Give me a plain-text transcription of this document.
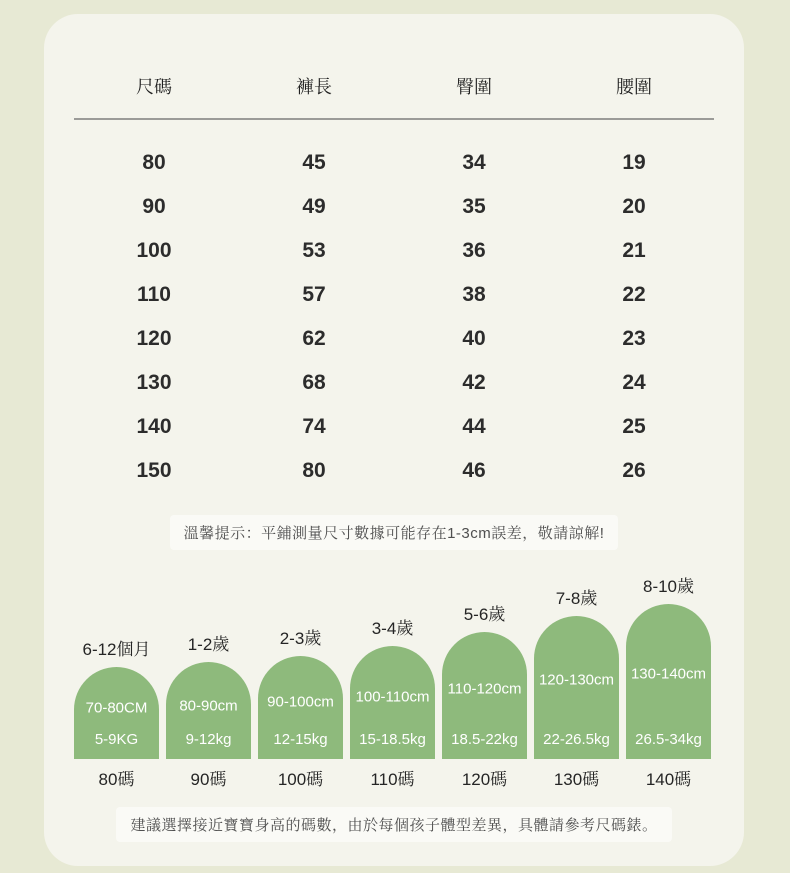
尺碼	褲長	臀圍	腰圍
80	45	34	19
90	49	35	20
100	53	36	21
110	57	38	22
120	62	40	23
130	68	42	24
140	74	44	25
150	80	46	26
溫馨提示：平鋪測量尺寸數據可能存在1-3cm誤差，敬請諒解!
6-12個月
70-80CM
5-9KG
1-2歲
80-90cm
9-12kg
2-3歲
90-100cm
12-15kg
3-4歲
100-110cm
15-18.5kg
5-6歲
110-120cm
18.5-22kg
7-8歲
120-130cm
22-26.5kg
8-10歲
130-140cm
26.5-34kg
80碼	90碼	100碼	110碼	120碼	130碼	140碼
建議選擇接近寶寶身高的碼數，由於每個孩子體型差異，具體請參考尺碼錶。
